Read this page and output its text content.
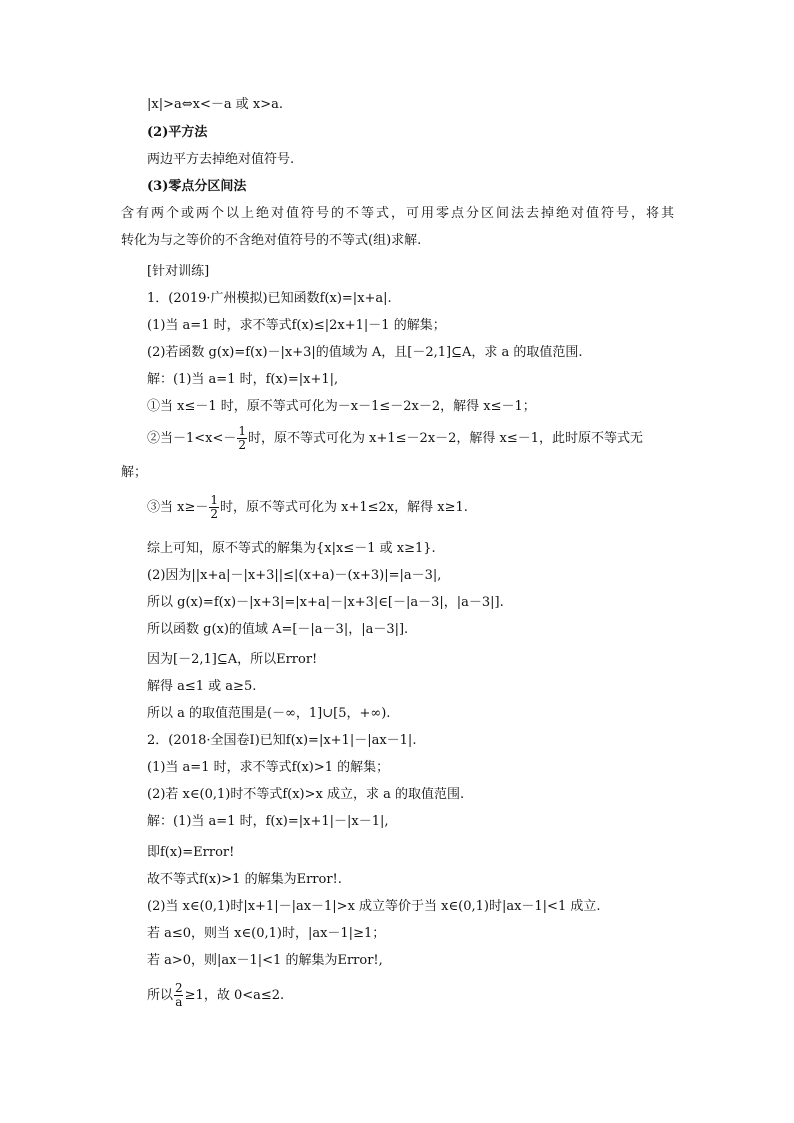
|x|>a⇔x<－a 或 x>a.
(2)平方法
两边平方去掉绝对值符号.
(3)零点分区间法
含有两个或两个以上绝对值符号的不等式，可用零点分区间法去掉绝对值符号，将其
转化为与之等价的不含绝对值符号的不等式(组)求解.
[针对训练]
1．(2019·广州模拟)已知函数f(x)=|x+a|.
(1)当 a=1 时，求不等式f(x)≤|2x+1|－1 的解集；
(2)若函数 g(x)=f(x)－|x+3|的值域为 A，且[－2,1]⊆A，求 a 的取值范围.
解：(1)当 a=1 时，f(x)=|x+1|,
①当 x≤－1 时，原不等式可化为－x－1≤－2x－2，解得 x≤－1；
②当$-1<x<- \frac{1}{2}$ 时，原不等式可化为 x+1≤－2x－2，解得 x≤－1，此时原不等式无
解；
③当 $x\ge- \frac{1}{2}$ 时，原不等式可化为 x+1≤2x，解得 x≥1.
综上可知，原不等式的解集为{x|x≤－1 或 x≥1}.
(2)因为||x+a|－|x+3||≤|(x+a)－(x+3)|=|a－3|,
所以 g(x)=f(x)－|x+3|=|x+a|－|x+3|∈[－|a－3|，|a－3|].
所以函数 g(x)的值域 A=[－|a－3|，|a－3|].
因为[－2,1]⊆A，所以Error!
解得 a≤1 或 a≥5.
所以 a 的取值范围是(－∞，1]∪[5，+∞).
2．(2018·全国卷Ⅰ)已知f(x)=|x+1|－|ax－1|.
(1)当 a=1 时，求不等式f(x)>1 的解集；
(2)若 x∈(0,1)时不等式f(x)>x 成立，求 a 的取值范围.
解：(1)当 a=1 时，f(x)=|x+1|－|x－1|,
即f(x)=Error!
故不等式f(x)>1 的解集为Error!.
(2)当 x∈(0,1)时|x+1|－|ax－1|>x 成立等价于当 x∈(0,1)时|ax－1|<1 成立.
若 a≤0，则当 x∈(0,1)时，|ax－1|≥1；
若 a>0，则|ax－1|<1 的解集为Error!,
所以 $\frac{2}{a} \ge 1$，故 0<a≤2.
